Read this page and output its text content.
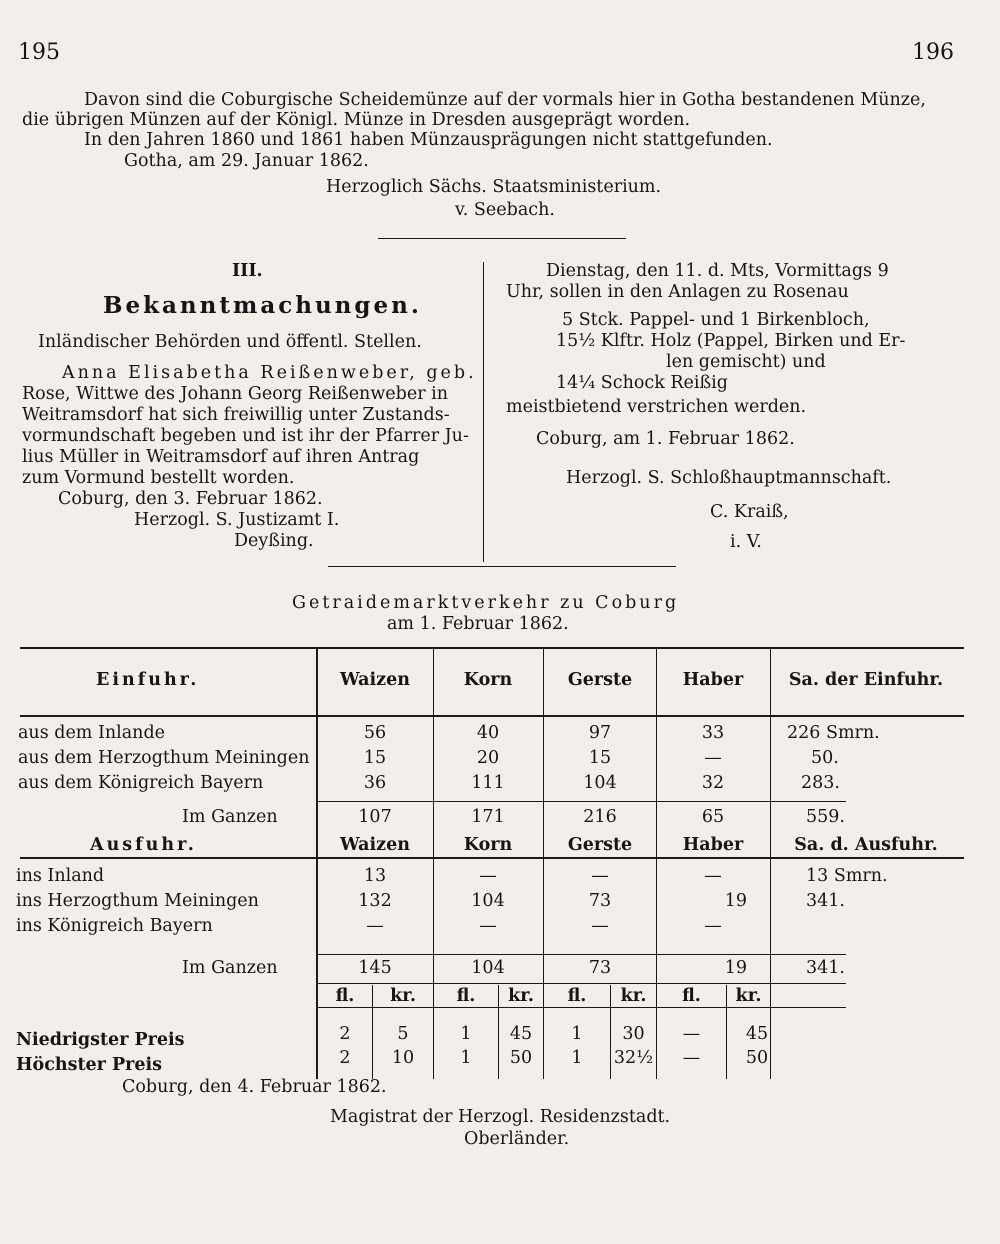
195	196
Davon sind die Coburgische Scheidemünze auf der vormals hier in Gotha bestandenen Münze,
die übrigen Münzen auf der Königl. Münze in Dresden ausgeprägt worden.
In den Jahren 1860 und 1861 haben Münzausprägungen nicht stattgefunden.
Gotha, am 29. Januar 1862.
Herzoglich Sächs. Staatsministerium.
v. Seebach.
III.
Bekanntmachungen.
Inländischer Behörden und öffentl. Stellen.
Anna Elisabetha Reißenweber, geb.
Rose, Wittwe des Johann Georg Reißenweber in
Weitramsdorf hat sich freiwillig unter Zustands-
vormundschaft begeben und ist ihr der Pfarrer Ju-
lius Müller in Weitramsdorf auf ihren Antrag
zum Vormund bestellt worden.
Coburg, den 3. Februar 1862.
Herzogl. S. Justizamt I.
Deyßing.
Dienstag, den 11. d. Mts, Vormittags 9
Uhr, sollen in den Anlagen zu Rosenau
5 Stck. Pappel- und 1 Birkenbloch,
15½ Klftr. Holz (Pappel, Birken und Er-
len gemischt) und
14¼ Schock Reißig
meistbietend verstrichen werden.
Coburg, am 1. Februar 1862.
Herzogl. S. Schloßhauptmannschaft.
C. Kraiß,
i. V.
Getraidemarktverkehr zu Coburg
am 1. Februar 1862.
Einfuhr.	Waizen	Korn	Gerste	Haber	Sa. der Einfuhr.
aus dem Inlande	56	40	97	33	226 Smrn.
aus dem Herzogthum Meiningen	15	20	15	—	50.
aus dem Königreich Bayern	36	111	104	32	283.
Im Ganzen	107	171	216	65	559.
Ausfuhr.	Waizen	Korn	Gerste	Haber	Sa. d. Ausfuhr.
ins Inland	13	—	—	—	13 Smrn.
ins Herzogthum Meiningen	132	104	73	19	341.
ins Königreich Bayern	—	—	—	—
Im Ganzen	145	104	73	19	341.
fl.	kr.	fl.	kr.	fl.	kr.	fl.	kr.
Niedrigster Preis	2	5	1	45	1	30	—	45
Höchster Preis	2	10	1	50	1	32½	—	50
Coburg, den 4. Februar 1862.
Magistrat der Herzogl. Residenzstadt.
Oberländer.
